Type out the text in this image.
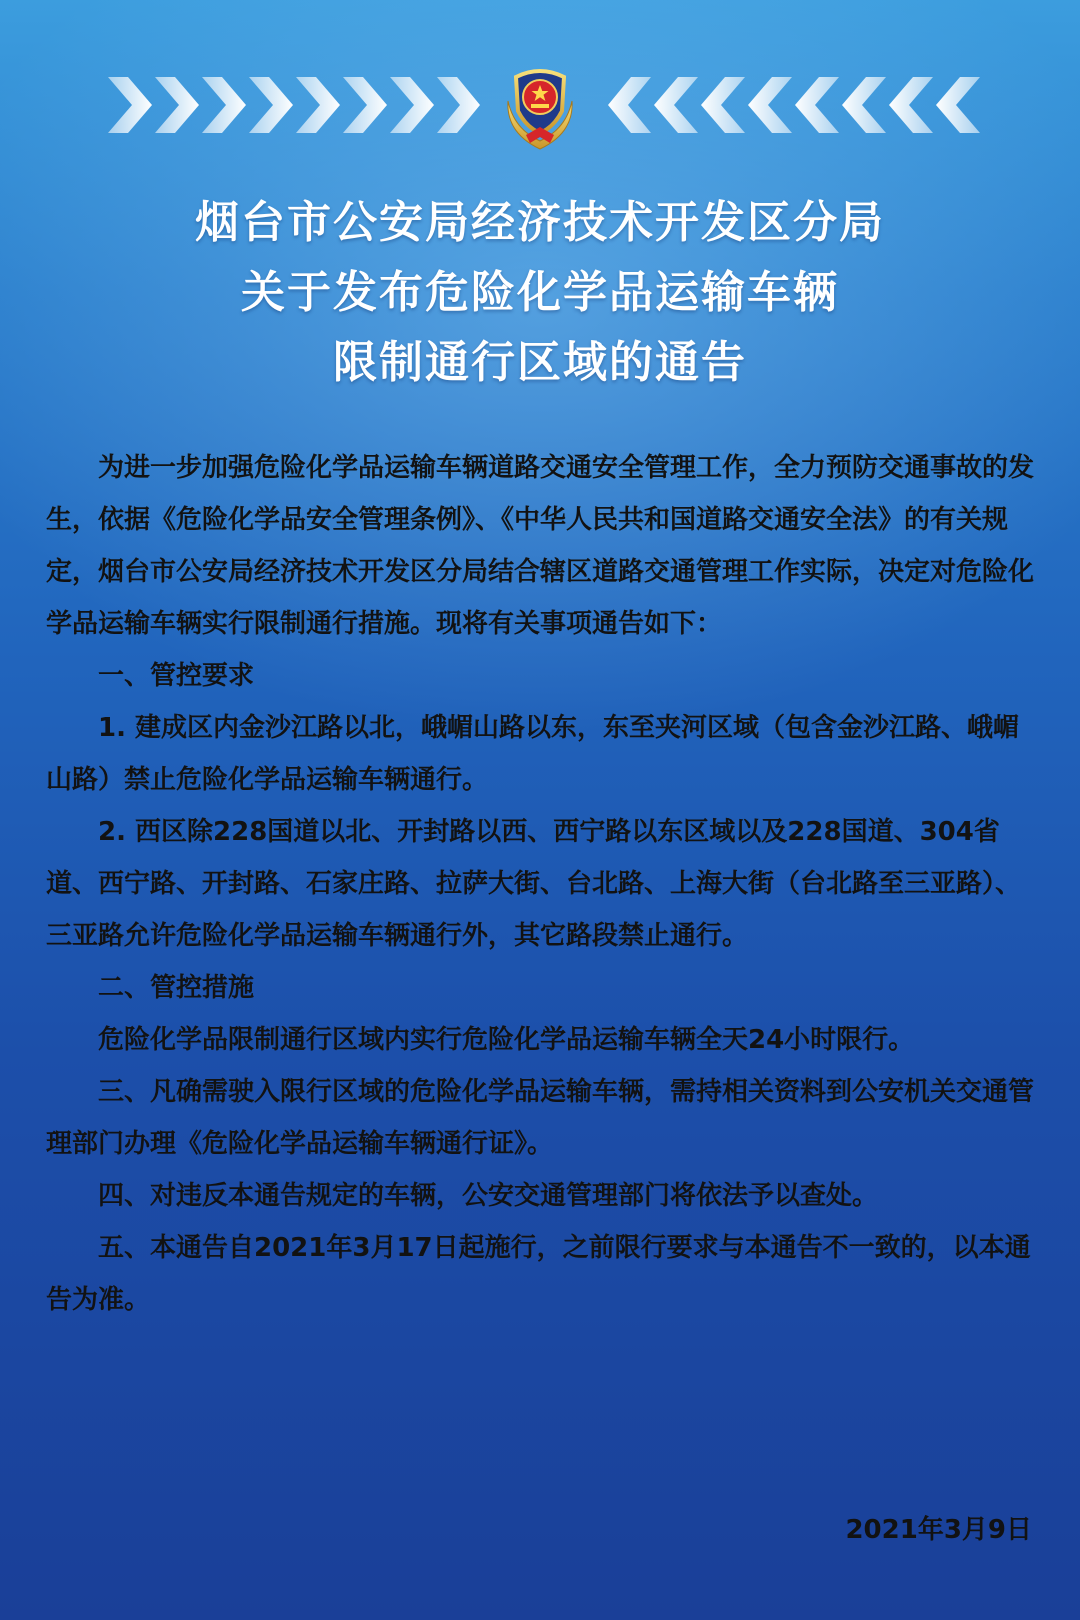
烟台市公安局经济技术开发区分局
关于发布危险化学品运输车辆
限制通行区域的通告

为进一步加强危险化学品运输车辆道路交通安全管理工作，全力预防交通事故的发生，依据《危险化学品安全管理条例》、《中华人民共和国道路交通安全法》的有关规定，烟台市公安局经济技术开发区分局结合辖区道路交通管理工作实际，决定对危险化学品运输车辆实行限制通行措施。现将有关事项通告如下：

一、管控要求

1. 建成区内金沙江路以北，峨嵋山路以东，东至夹河区域（包含金沙江路、峨嵋山路）禁止危险化学品运输车辆通行。

2. 西区除228国道以北、开封路以西、西宁路以东区域以及228国道、304省道、西宁路、开封路、石家庄路、拉萨大街、台北路、上海大街（台北路至三亚路）、三亚路允许危险化学品运输车辆通行外，其它路段禁止通行。

二、管控措施

危险化学品限制通行区域内实行危险化学品运输车辆全天24小时限行。

三、凡确需驶入限行区域的危险化学品运输车辆，需持相关资料到公安机关交通管理部门办理《危险化学品运输车辆通行证》。

四、对违反本通告规定的车辆，公安交通管理部门将依法予以查处。

五、本通告自2021年3月17日起施行，之前限行要求与本通告不一致的，以本通告为准。

2021年3月9日
